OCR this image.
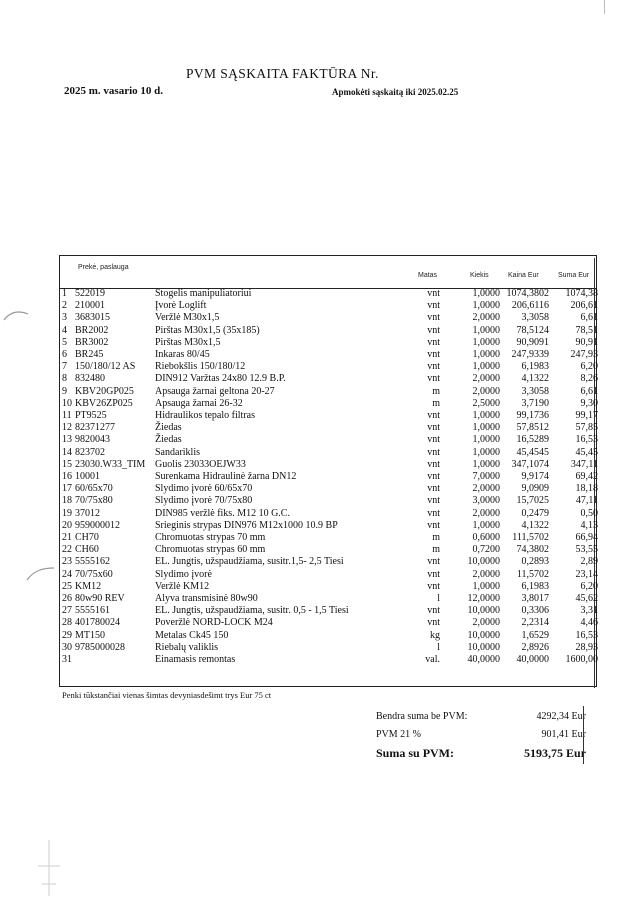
PVM SĄSKAITA FAKTŪRA Nr.
2025 m. vasario 10 d.	Apmokėti sąskaitą iki 2025.02.25
Prekė, paslauga
Matas	Kiekis	Kaina Eur	Suma Eur
1 522019	Stogelis manipuliatoriui	vnt	1,0000 1074,3802	1074,38
2 210001	Įvorė Loglift	vnt	1,0000	206,6116	206,61
3 3683015	Veržlė M30x1,5	vnt	2,0000	3,3058	6,61
4 BR2002	Pirštas M30x1,5 (35x185)	vnt	1,0000	78,5124	78,51
5 BR3002	Pirštas M30x1,5	vnt	1,0000	90,9091	90,91
6 BR245	Inkaras 80/45	vnt	1,0000	247,9339	247,93
7 150/180/12 AS Riebokšlis 150/180/12	vnt	1,0000	6,1983	6,20
8 832480	DIN912 Varžtas 24x80 12.9 B.P.	vnt	2,0000	4,1322	8,26
9 KBV20GP025 Apsauga žarnai geltona 20-27	m	2,0000	3,3058	6,61
10 KBV26ZP025 Apsauga žarnai 26-32	m	2,5000	3,7190	9,30
11 PT9525	Hidraulikos tepalo filtras	vnt	1,0000	99,1736	99,17
12 82371277	Žiedas	vnt	1,0000	57,8512	57,85
13 9820043	Žiedas	vnt	1,0000	16,5289	16,53
14 823702	Sandariklis	vnt	1,0000	45,4545	45,45
15 23030.W33_TIM Guolis 23033OEJW33	vnt	1,0000	347,1074	347,11
16 10001	Surenkama Hidraulinė žarna DN12	vnt	7,0000	9,9174	69,42
17 60/65x70	Slydimo įvorė 60/65x70	vnt	2,0000	9,0909	18,18
18 70/75x80	Slydimo įvorė 70/75x80	vnt	3,0000	15,7025	47,11
19 37012	DIN985 veržlė fiks. M12 10 G.C.	vnt	2,0000	0,2479	0,50
20 959000012	Srieginis strypas DIN976 M12x1000 10.9 BP	vnt	1,0000	4,1322	4,13
21 CH70	Chromuotas strypas 70 mm	m	0,6000	111,5702	66,94
22 CH60	Chromuotas strypas 60 mm	m	0,7200	74,3802	53,55
23 5555162	EL. Jungtis, užspaudžiama, susitr.1,5- 2,5 Tiesi	vnt	10,0000	0,2893	2,89
24 70/75x60	Slydimo įvorė	vnt	2,0000	11,5702	23,14
25 KM12	Veržlė KM12	vnt	1,0000	6,1983	6,20
26 80w90 REV	Alyva transmisinė 80w90	l	12,0000	3,8017	45,62
27 5555161	EL. Jungtis, užspaudžiama, susitr. 0,5 - 1,5 Tiesi	vnt	10,0000	0,3306	3,31
28 401780024	Poveržlė NORD-LOCK M24	vnt	2,0000	2,2314	4,46
29 MT150	Metalas Ck45 150	kg	10,0000	1,6529	16,53
30 9785000028	Riebalų valiklis	l	10,0000	2,8926	28,93
31	Einamasis remontas	val.	40,0000	40,0000	1600,00
Penki tūkstančiai vienas šimtas devyniasdešimt trys Eur 75 ct
Bendra suma be PVM:	4292,34 Eur
PVM 21 %	901,41 Eur
Suma su PVM:	5193,75 Eur
